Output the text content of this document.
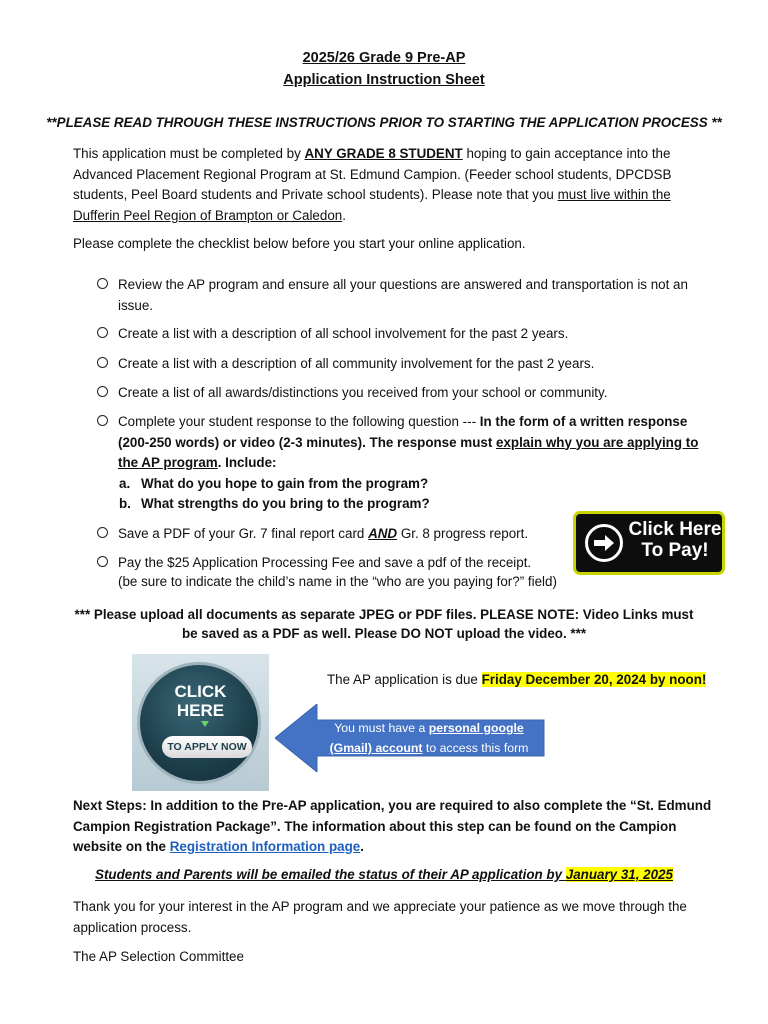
2025/26 Grade 9 Pre-AP
Application Instruction Sheet
**PLEASE READ THROUGH THESE INSTRUCTIONS PRIOR TO STARTING THE APPLICATION PROCESS **

This application must be completed by ANY GRADE 8 STUDENT hoping to gain acceptance into the Advanced Placement Regional Program at St. Edmund Campion. (Feeder school students, DPCDSB students, Peel Board students and Private school students). Please note that you must live within the Dufferin Peel Region of Brampton or Caledon.

Please complete the checklist below before you start your online application.
Review the AP program and ensure all your questions are answered and transportation is not an issue.
Create a list with a description of all school involvement for the past 2 years.
Create a list with a description of all community involvement for the past 2 years.
Create a list of all awards/distinctions you received from your school or community.
Complete your student response to the following question --- In the form of a written response (200-250 words) or video (2-3 minutes). The response must explain why you are applying to the AP program. Include:
a. What do you hope to gain from the program?
b. What strengths do you bring to the program?
Save a PDF of your Gr. 7 final report card AND Gr. 8 progress report.
Pay the $25 Application Processing Fee and save a pdf of the receipt.
(be sure to indicate the child’s name in the “who are you paying for?” field)
Click Here
To Pay!
*** Please upload all documents as separate JPEG or PDF files. PLEASE NOTE: Video Links must be saved as a PDF as well. Please DO NOT upload the video. ***
CLICK
HERE
TO APPLY NOW
The AP application is due Friday December 20, 2024 by noon!
You must have a personal google (Gmail) account to access this form
Next Steps: In addition to the Pre-AP application, you are required to also complete the “St. Edmund Campion Registration Package”. The information about this step can be found on the Campion website on the Registration Information page.
Students and Parents will be emailed the status of their AP application by January 31, 2025
Thank you for your interest in the AP program and we appreciate your patience as we move through the application process.
The AP Selection Committee
